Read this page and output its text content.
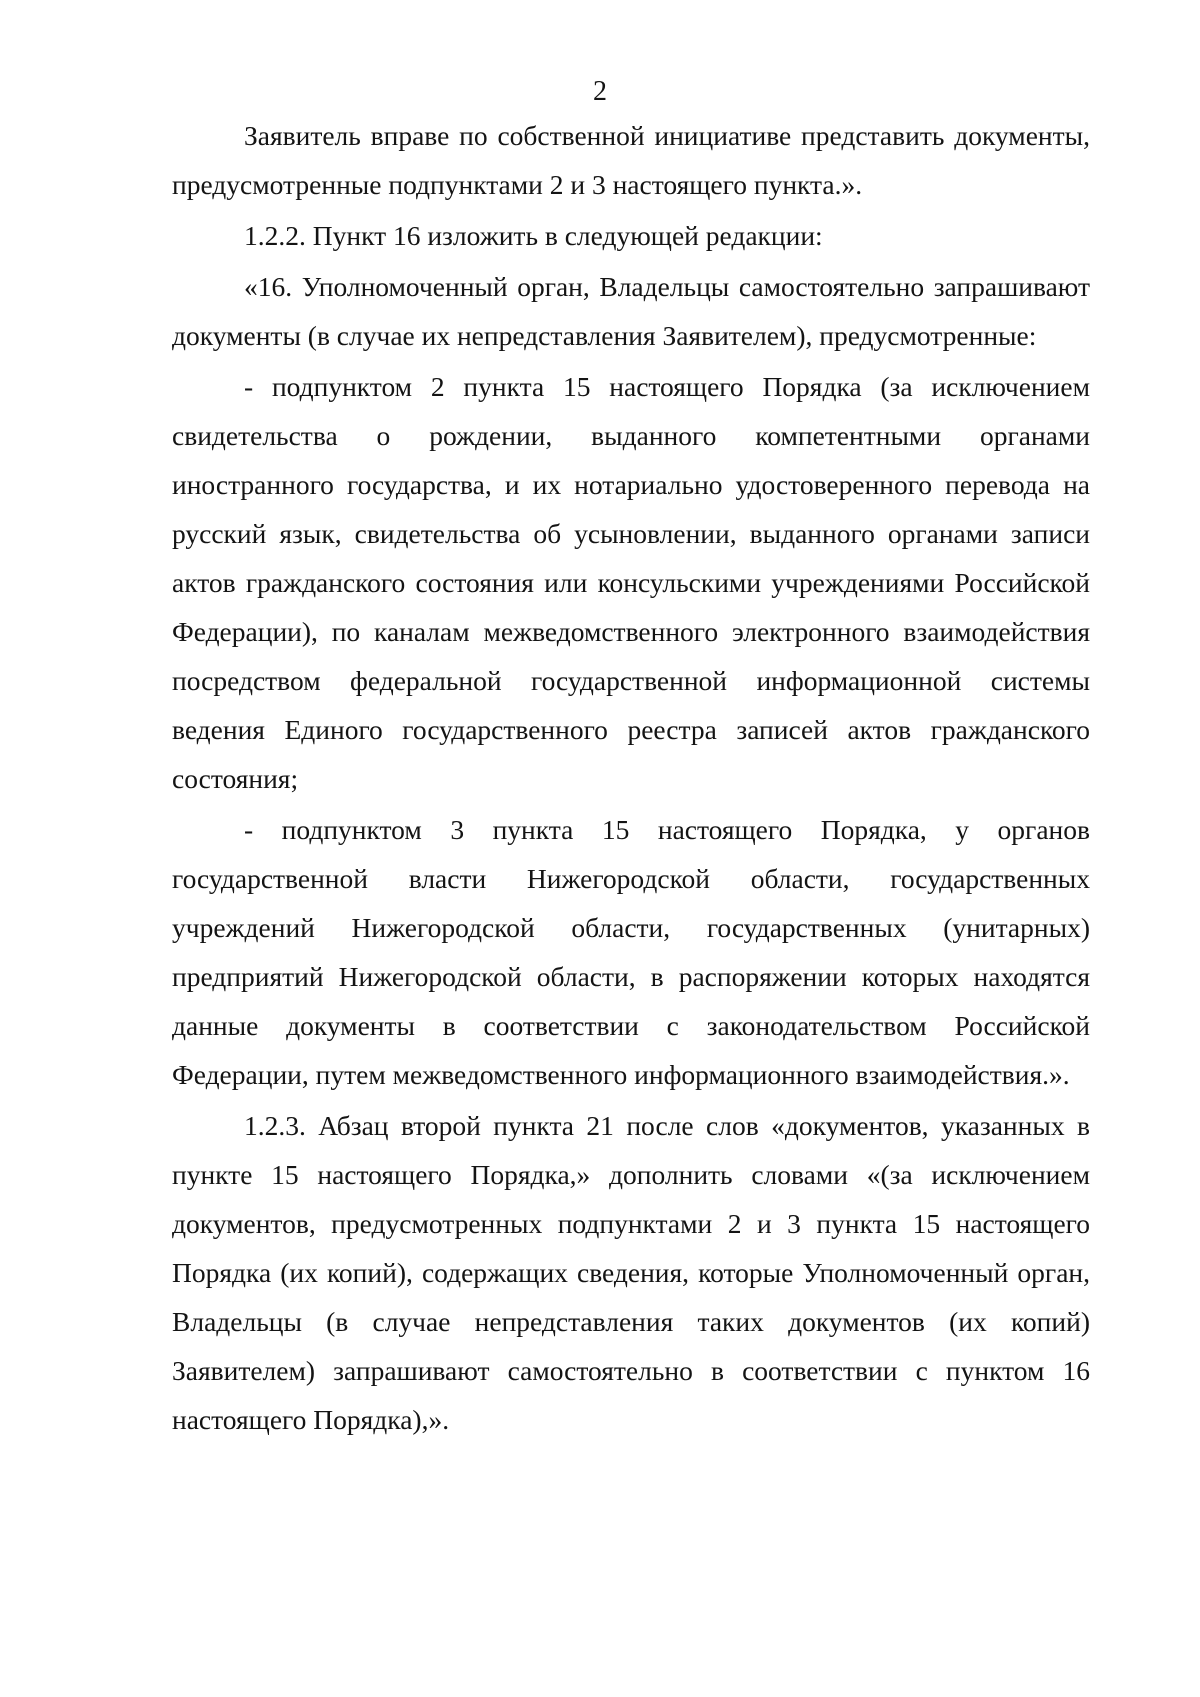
2

Заявитель вправе по собственной инициативе представить документы, предусмотренные подпунктами 2 и 3 настоящего пункта.».

1.2.2. Пункт 16 изложить в следующей редакции:

«16. Уполномоченный орган, Владельцы самостоятельно запрашивают документы (в случае их непредставления Заявителем), предусмотренные:

- подпунктом 2 пункта 15 настоящего Порядка (за исключением свидетельства о рождении, выданного компетентными органами иностранного государства, и их нотариально удостоверенного перевода на русский язык, свидетельства об усыновлении, выданного органами записи актов гражданского состояния или консульскими учреждениями Российской Федерации), по каналам межведомственного электронного взаимодействия посредством федеральной государственной информационной системы ведения Единого государственного реестра записей актов гражданского состояния;

- подпунктом 3 пункта 15 настоящего Порядка, у органов государственной власти Нижегородской области, государственных учреждений Нижегородской области, государственных (унитарных) предприятий Нижегородской области, в распоряжении которых находятся данные документы в соответствии с законодательством Российской Федерации, путем межведомственного информационного взаимодействия.».

1.2.3. Абзац второй пункта 21 после слов «документов, указанных в пункте 15 настоящего Порядка,» дополнить словами «(за исключением документов, предусмотренных подпунктами 2 и 3 пункта 15 настоящего Порядка (их копий), содержащих сведения, которые Уполномоченный орган, Владельцы (в случае непредставления таких документов (их копий) Заявителем) запрашивают самостоятельно в соответствии с пунктом 16 настоящего Порядка),».
